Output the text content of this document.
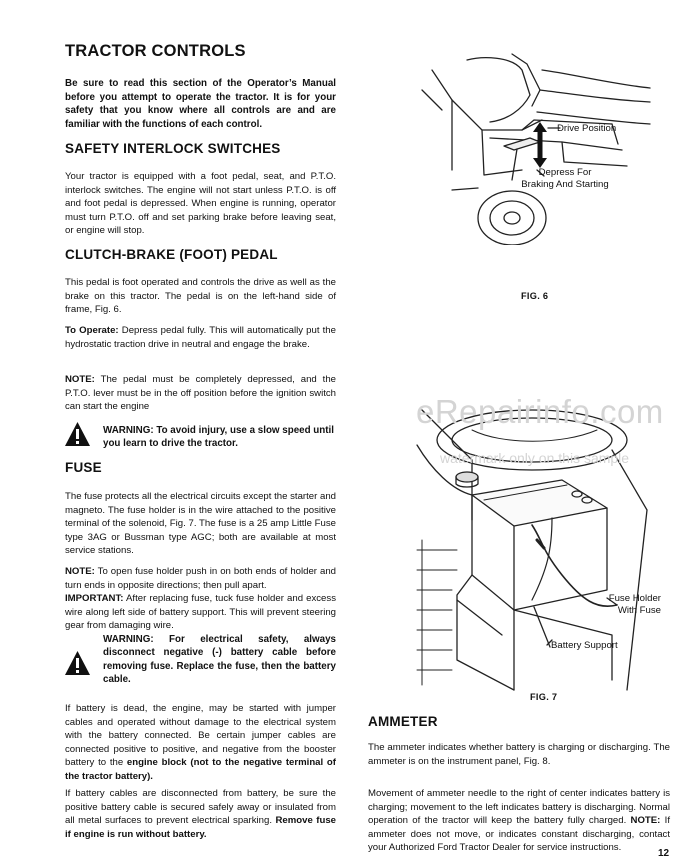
TRACTOR CONTROLS

Be sure to read this section of the Operator’s Manual before you attempt to operate the tractor. It is for your safety that you know where all controls are and are familiar with the functions of each control.

SAFETY INTERLOCK SWITCHES

Your tractor is equipped with a foot pedal, seat, and P.T.O. interlock switches. The engine will not start unless P.T.O. is off and foot pedal is depressed. When engine is running, operator must turn P.T.O. off and set parking brake before leaving seat, or engine will stop.

CLUTCH-BRAKE (FOOT) PEDAL

This pedal is foot operated and controls the drive as well as the brake on this tractor. The pedal is on the left-hand side of frame, Fig. 6.

To Operate: Depress pedal fully. This will automatically put the hydrostatic traction drive in neutral and engage the brake.

NOTE: The pedal must be completely depressed, and the P.T.O. lever must be in the off position before the ignition switch can start the engine

WARNING: To avoid injury, use a slow speed until you learn to drive the tractor.
FUSE

The fuse protects all the electrical circuits except the starter and magneto. The fuse holder is in the wire attached to the positive terminal of the solenoid, Fig. 7. The fuse is a 25 amp Little Fuse type 3AG or Bussman type AGC; both are available at most service stations.

NOTE: To open fuse holder push in on both ends of holder and turn ends in opposite directions; then pull apart.
IMPORTANT: After replacing fuse, tuck fuse holder and excess wire along left side of battery support. This will prevent steering gear from damaging wire.

WARNING: For electrical safety, always disconnect negative (-) battery cable before removing fuse. Replace the fuse, then the battery cable.

If battery is dead, the engine, may be started with jumper cables and operated without damage to the electrical system with the battery connected. Be certain jumper cables are connected positive to positive, and negative from the booster battery to the engine block (not to the negative terminal of the tractor battery).

If battery cables are disconnected from battery, be sure the positive battery cable is secured safely away or insulated from all metal surfaces to prevent electrical sparking. Remove fuse if engine is run without battery.

Drive Position
Depress For
Braking And Starting
FIG. 6
Fuse Holder
With Fuse
Battery Support
FIG. 7
AMMETER

The ammeter indicates whether battery is charging or discharging. The ammeter is on the instrument panel, Fig. 8.

Movement of ammeter needle to the right of center indicates battery is charging; movement to the left indicates battery is discharging. Normal operation of the tractor will keep the battery fully charged. NOTE: If ammeter does not move, or indicates constant discharging, contact your Authorized Ford Tractor Dealer for service instructions.

12
eRepairinfo.com
watermark only on this sample
